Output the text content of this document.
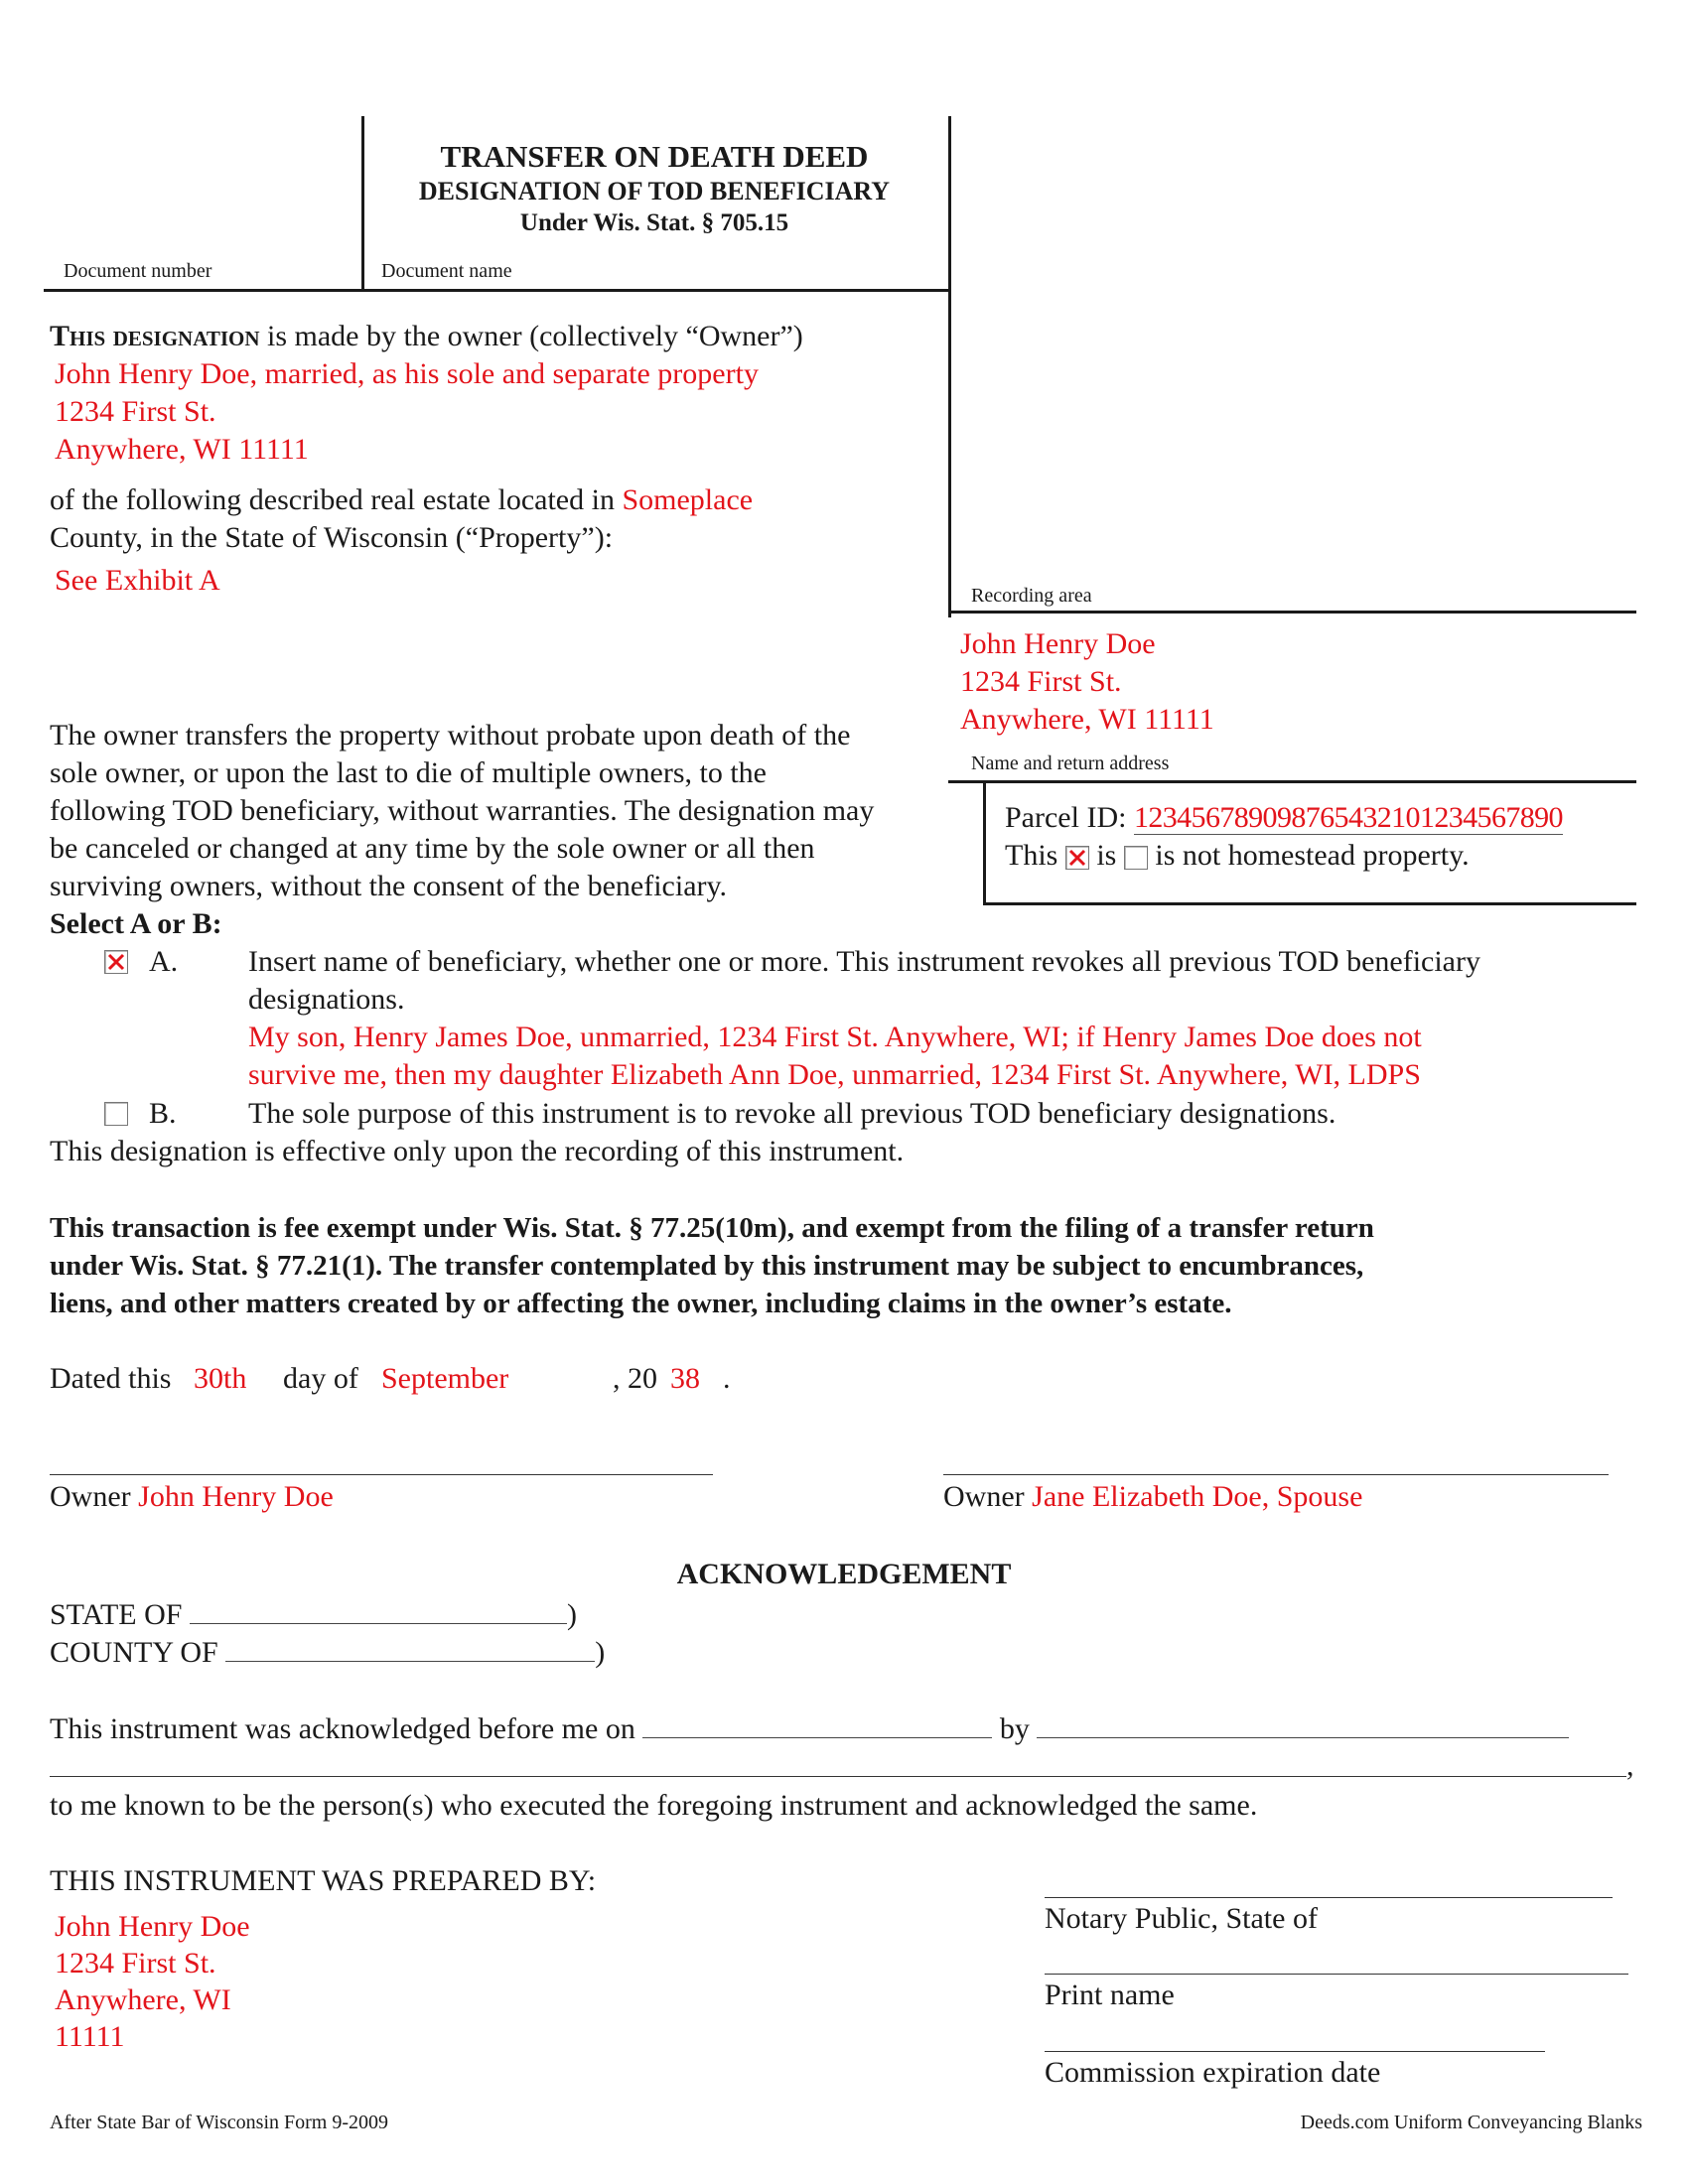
TRANSFER ON DEATH DEED
DESIGNATION OF TOD BENEFICIARY
Under Wis. Stat. § 705.15
Document number	Document name
This designation is made by the owner (collectively “Owner”)
John Henry Doe, married, as his sole and separate property
1234 First St.
Anywhere, WI 11111
of the following described real estate located in Someplace
County, in the State of Wisconsin (“Property”):
See Exhibit A	Recording area
John Henry Doe
1234 First St.
Anywhere, WI 11111
Name and return address
Parcel ID: 123456789098765432101234567890
This is is not homestead property.
The owner transfers the property without probate upon death of the
sole owner, or upon the last to die of multiple owners, to the
following TOD beneficiary, without warranties. The designation may
be canceled or changed at any time by the sole owner or all then
surviving owners, without the consent of the beneficiary.
Select A or B:
A. Insert name of beneficiary, whether one or more. This instrument revokes all previous TOD beneficiary
designations.
My son, Henry James Doe, unmarried, 1234 First St. Anywhere, WI; if Henry James Doe does not
survive me, then my daughter Elizabeth Ann Doe, unmarried, 1234 First St. Anywhere, WI, LDPS
B. The sole purpose of this instrument is to revoke all previous TOD beneficiary designations.
This designation is effective only upon the recording of this instrument.
This transaction is fee exempt under Wis. Stat. § 77.25(10m), and exempt from the filing of a transfer return
under Wis. Stat. § 77.21(1). The transfer contemplated by this instrument may be subject to encumbrances,
liens, and other matters created by or affecting the owner, including claims in the owner’s estate.
Dated this 30th day of September	, 20 38 .
Owner John Henry Doe	Owner Jane Elizabeth Doe, Spouse
ACKNOWLEDGEMENT
STATE OF	)
COUNTY OF	)
This instrument was acknowledged before me on	by
,
to me known to be the person(s) who executed the foregoing instrument and acknowledged the same.
THIS INSTRUMENT WAS PREPARED BY:
John Henry Doe
1234 First St.
Anywhere, WI
11111
Notary Public, State of
Print name
Commission expiration date
After State Bar of Wisconsin Form 9-2009	Deeds.com Uniform Conveyancing Blanks
